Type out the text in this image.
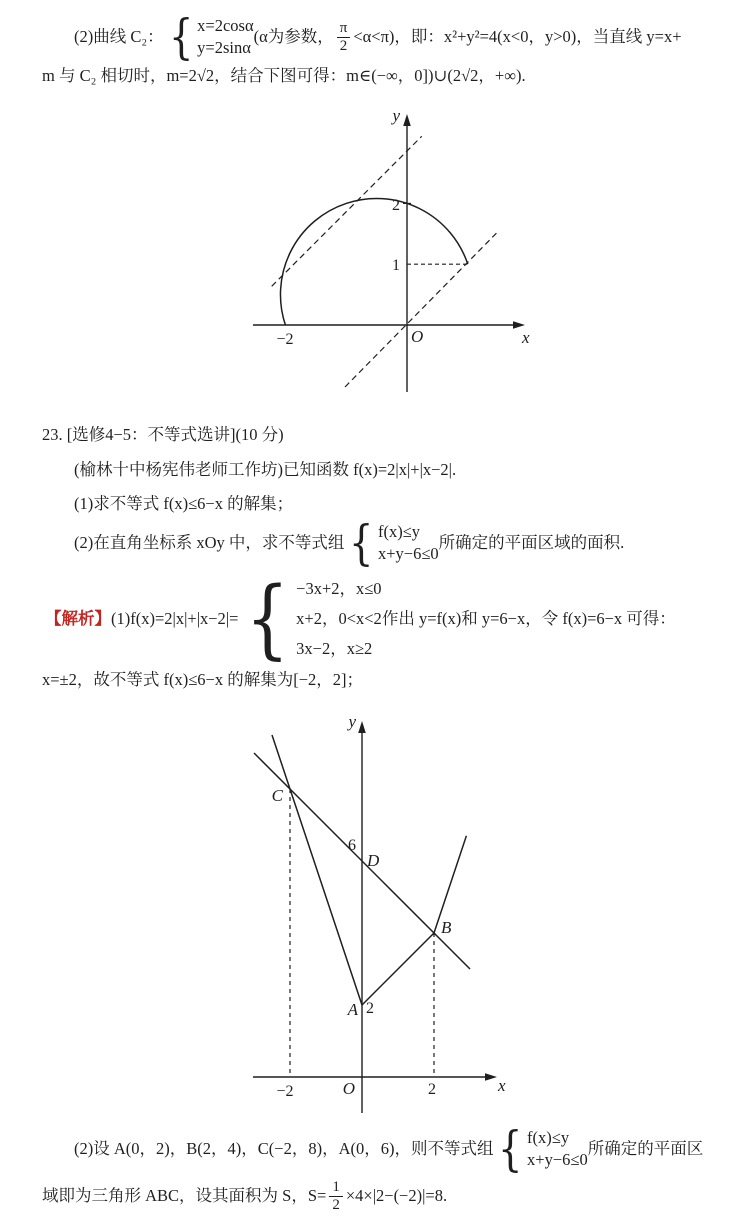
(2)曲线 C₂： { x=2cosα
y=2sinα
(α为参数， $\frac{\pi}{2} <\alpha<\pi$)，即：x²+y²=4(x<0，y>0)，当直线 y=x+
m 与 C₂ 相切时，m=2√2，结合下图可得：m∈(−∞，0])∪(2√2，+∞).
y
x
O
2
1
−2
23. [选修4−5：不等式选讲](10 分)
(榆林十中杨宪伟老师工作坊)已知函数 f(x)=2|x|+|x−2|.
(1)求不等式 f(x)≤6−x 的解集；
(2)在直角坐标系 xOy 中，求不等式组 { f(x)≤y
x+y−6≤0
所确定的平面区域的面积.
【解析】 (1)f(x)=2|x|+|x−2|= { −3x+2，x≤0
x+2，0<x<2
3x−2，x≥2
作出 y=f(x)和 y=6−x，令 f(x)=6−x 可得：
x=±2，故不等式 f(x)≤6−x 的解集为[−2，2]；
y
x
O
C
6
D
B
A 2
−2	2
(2)设 A(0，2)，B(2，4)，C(−2，8)，A(0，6)，则不等式组 { f(x)≤y
x+y−6≤0
所确定的平面区
域即为三角形 ABC，设其面积为 S，$S= \frac{1}{2} \times 4\times|2-(-2)|=8$.
